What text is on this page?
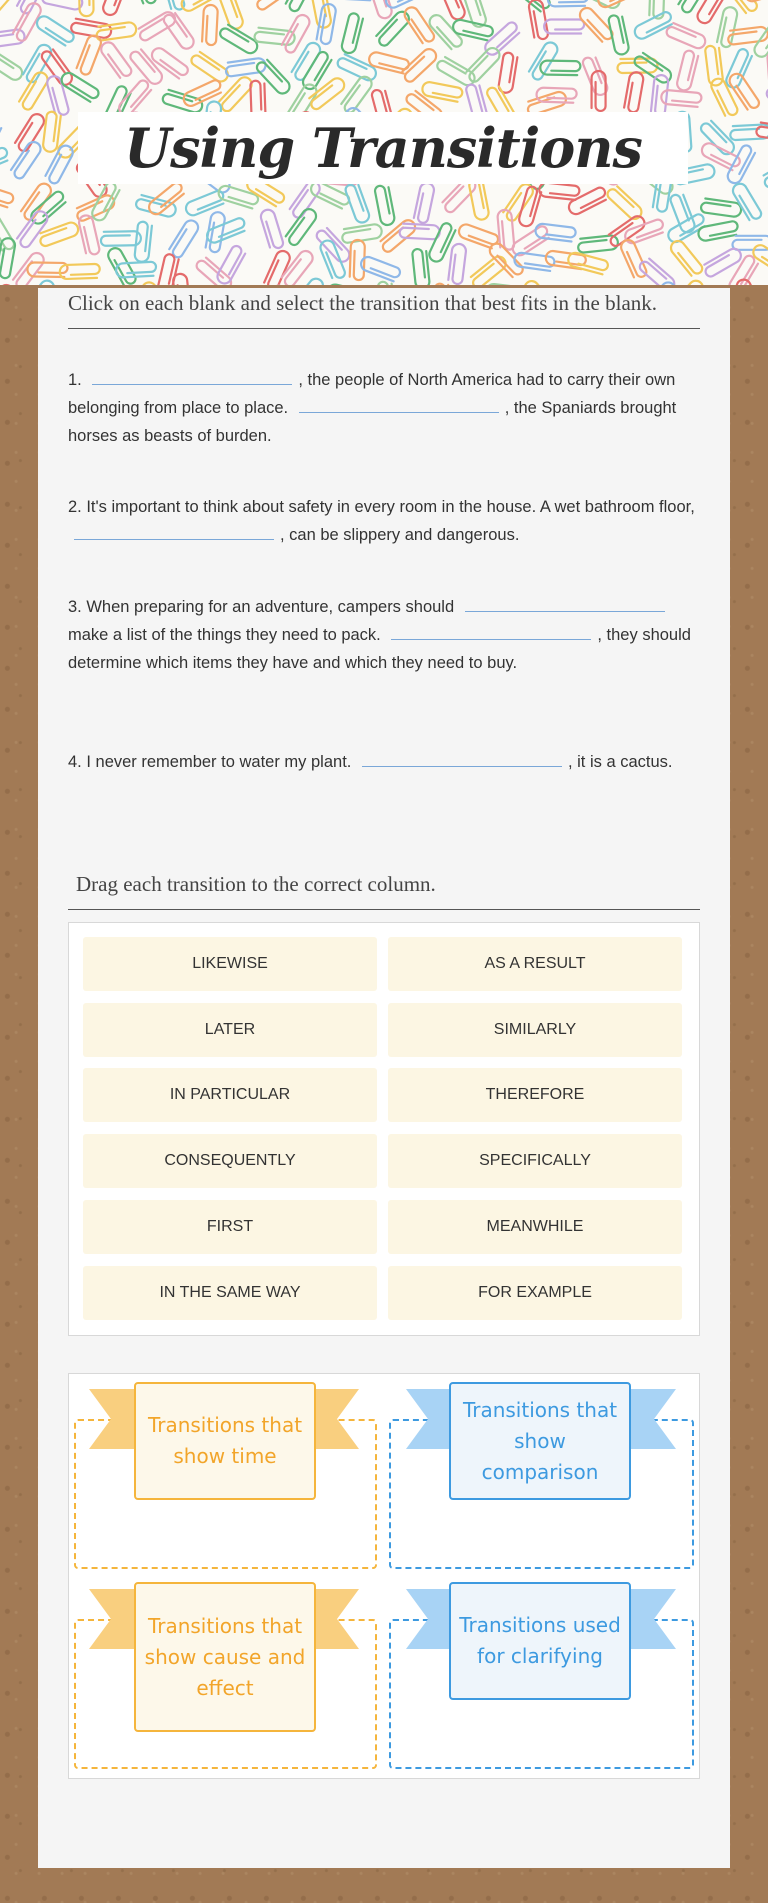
Using Transitions
Click on each blank and select the transition that best fits in the blank.

1.	, the people of North America had to carry their own belonging from place to place.	, the Spaniards brought horses as beasts of burden.

2. It's important to think about safety in every room in the house. A wet bathroom floor, , can be slippery and dangerous.

3. When preparing for an adventure, campers should  make a list of the things they need to pack.	, they should determine which items they have and which they need to buy.

4. I never remember to water my plant.	, it is a cactus.

Drag each transition to the correct column.
LIKEWISE	AS A RESULT
LATER	SIMILARLY
IN PARTICULAR	THEREFORE
CONSEQUENTLY	SPECIFICALLY
FIRST	MEANWHILE
IN THE SAME WAY	FOR EXAMPLE
Transitions that show time
Transitions that show comparison
Transitions that show cause and effect
Transitions used for clarifying
